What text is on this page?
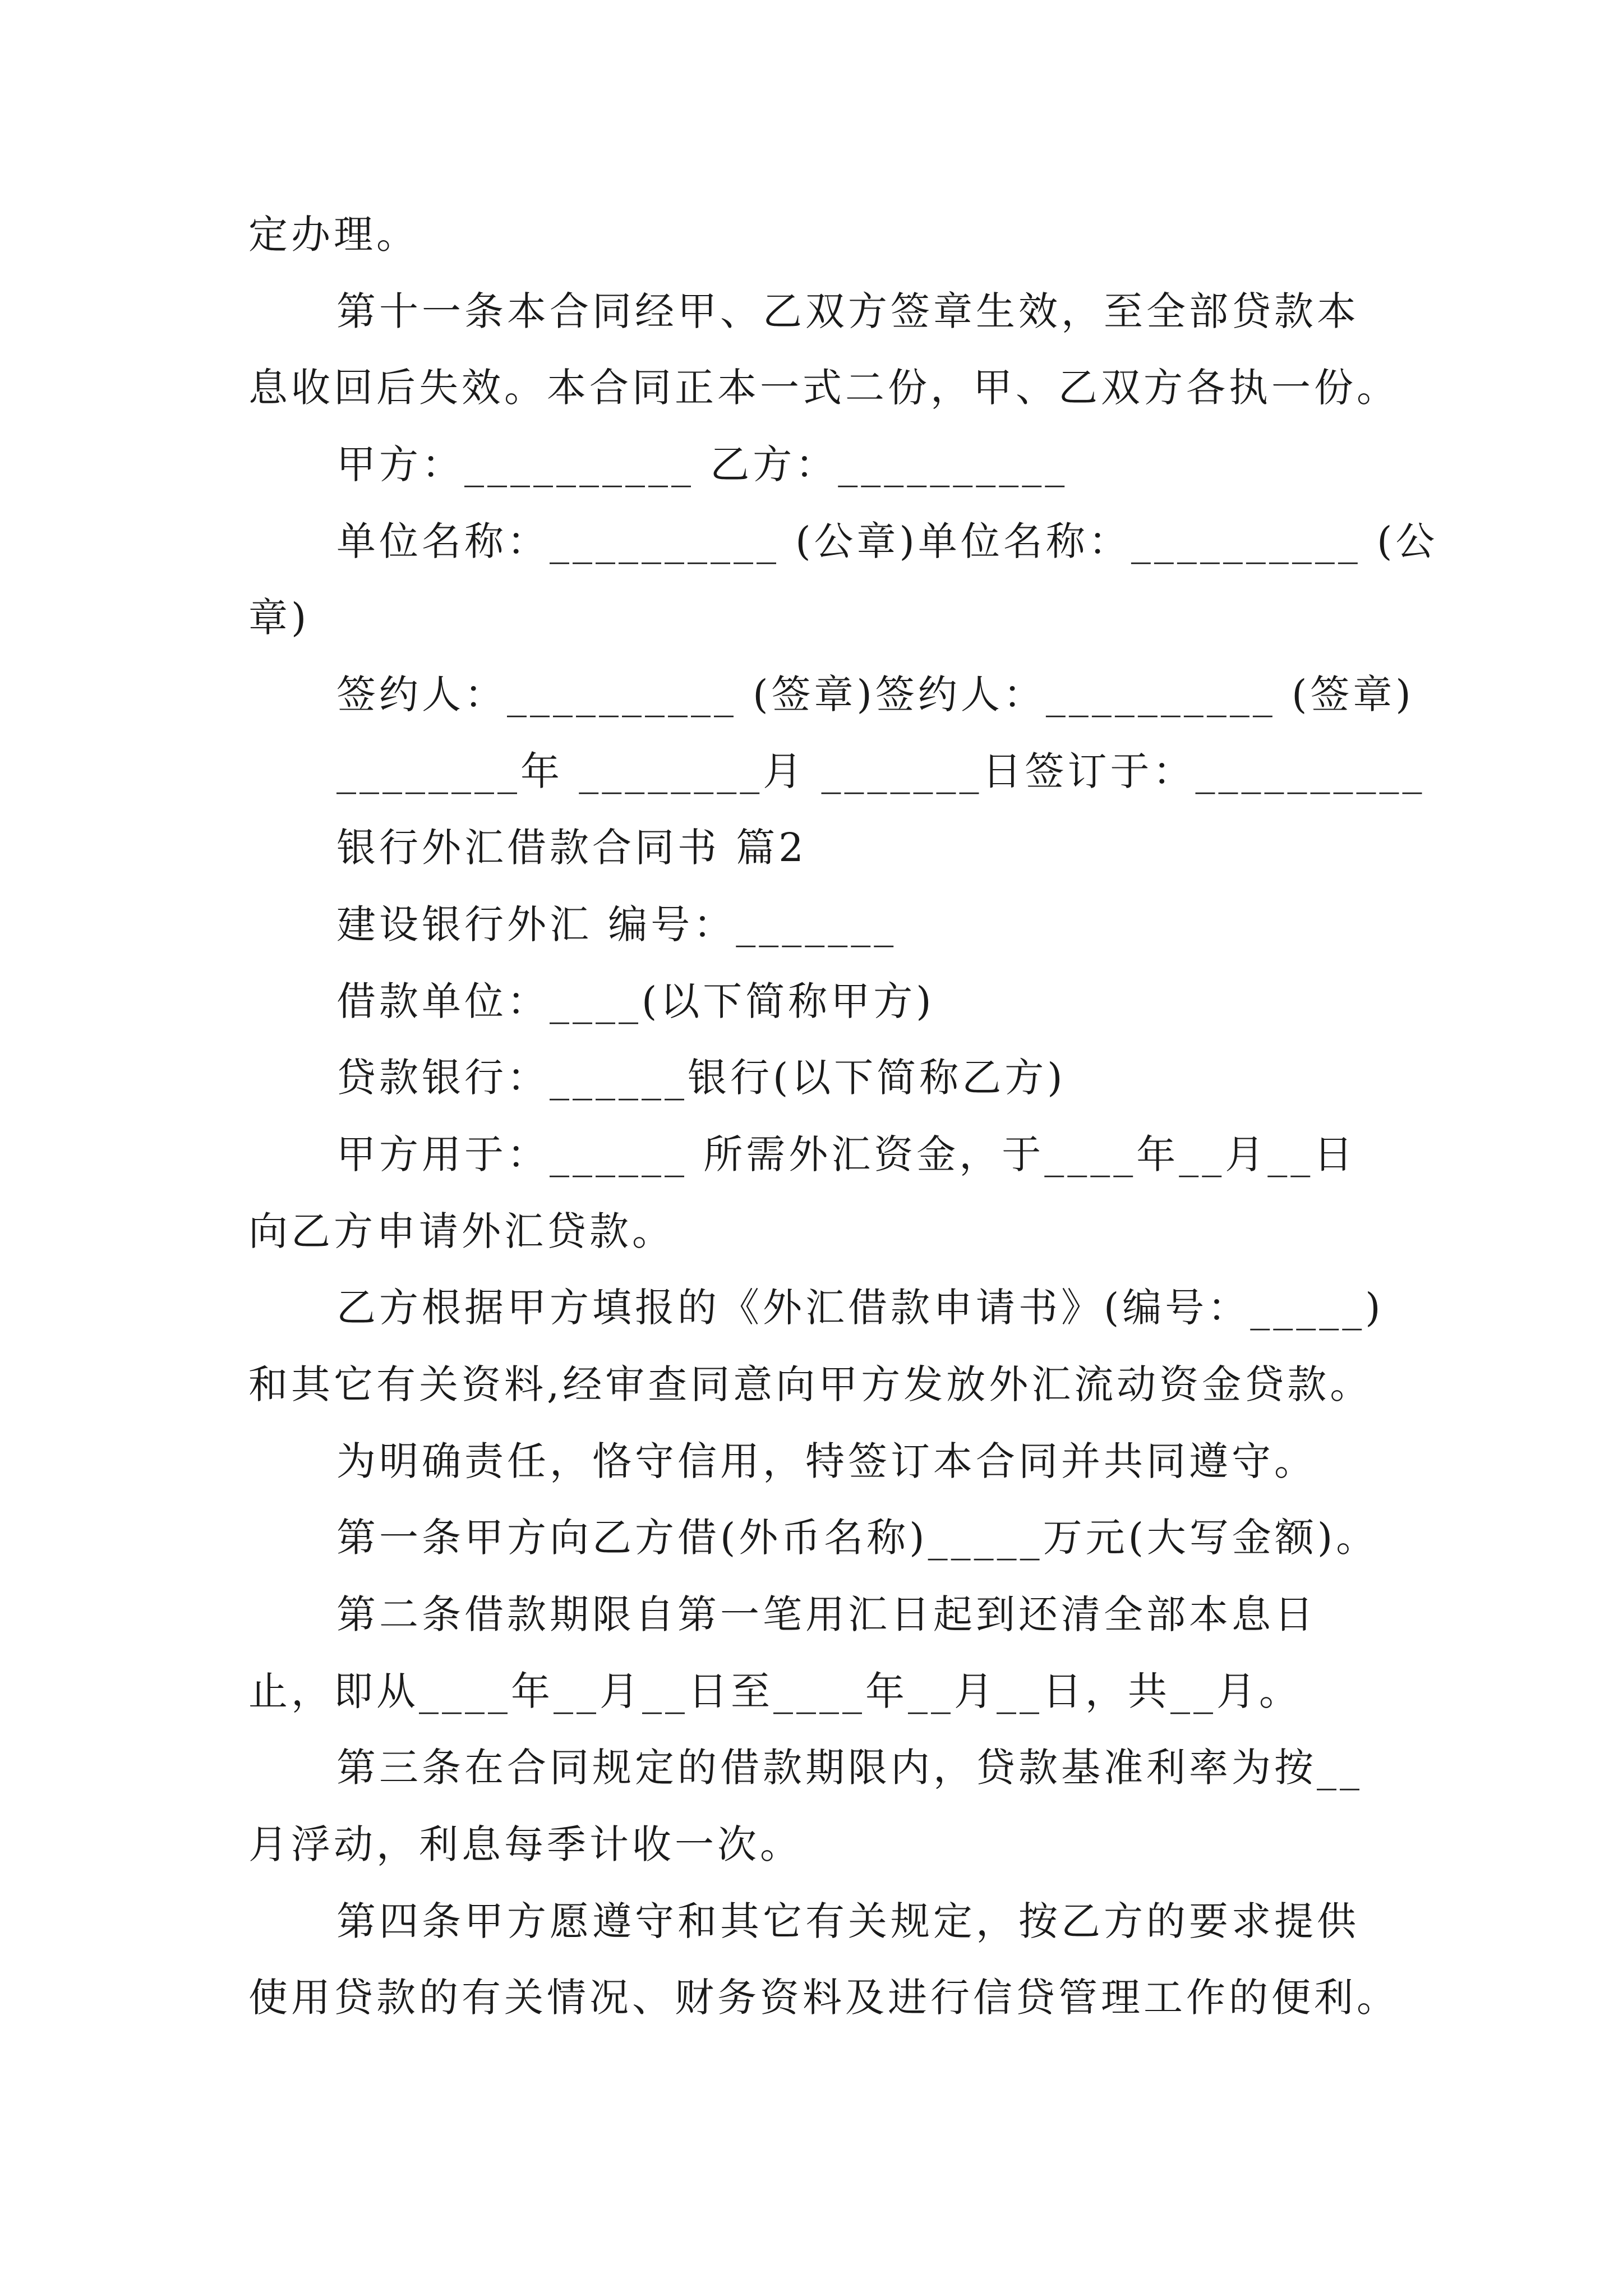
定办理。
第十一条本合同经甲、乙双方签章生效，至全部贷款本
息收回后失效。本合同正本一式二份，甲、乙双方各执一份。
甲方：__________ 乙方：__________
单位名称：__________ (公章)单位名称：__________ (公
章)
签约人：__________ (签章)签约人：__________ (签章)
________年 ________月 _______日签订于：__________
银行外汇借款合同书 篇2
建设银行外汇 编号：_______
借款单位：____(以下简称甲方)
贷款银行：______银行(以下简称乙方)
甲方用于：______ 所需外汇资金，于____年__月__日
向乙方申请外汇贷款。
乙方根据甲方填报的《外汇借款申请书》(编号：_____)
和其它有关资料,经审查同意向甲方发放外汇流动资金贷款。
为明确责任，恪守信用，特签订本合同并共同遵守。
第一条甲方向乙方借(外币名称)_____万元(大写金额)。
第二条借款期限自第一笔用汇日起到还清全部本息日
止，即从____年__月__日至____年__月__日，共__月。
第三条在合同规定的借款期限内，贷款基准利率为按__
月浮动，利息每季计收一次。
第四条甲方愿遵守和其它有关规定，按乙方的要求提供
使用贷款的有关情况、财务资料及进行信贷管理工作的便利。
